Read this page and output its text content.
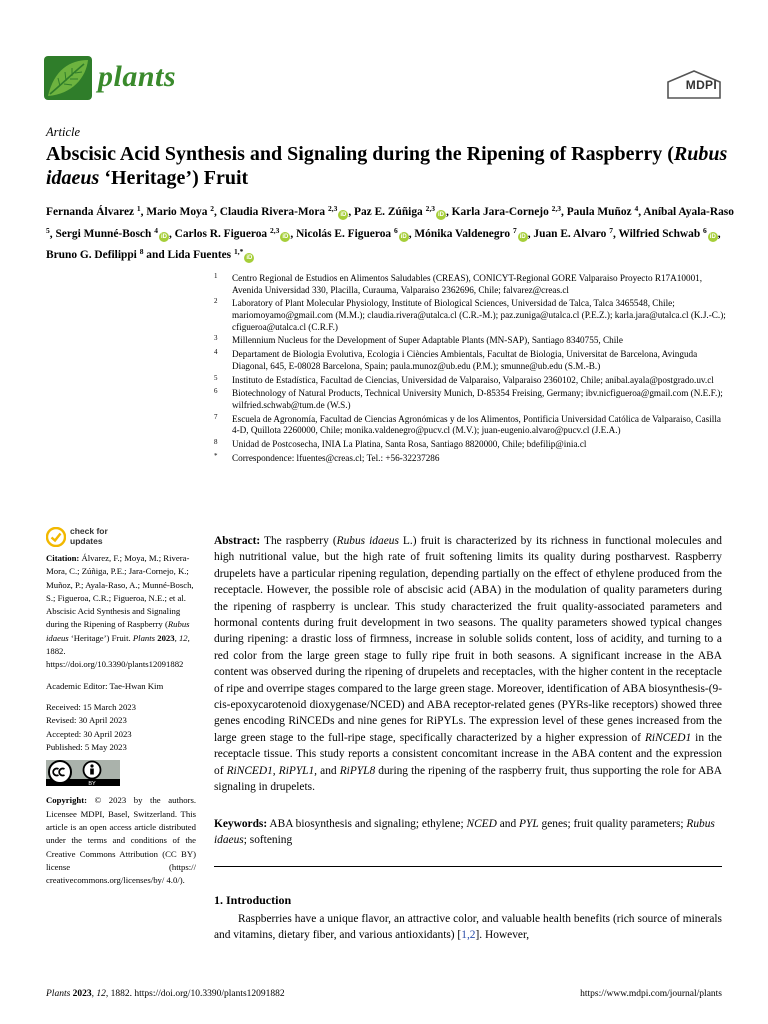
plants	MDPI
Article
Abscisic Acid Synthesis and Signaling during the Ripening of Raspberry (Rubus idaeus ‘Heritage’) Fruit
Fernanda Álvarez $^1$, Mario Moya $^2$, Claudia Rivera-Mora $^{2,3}$iD , Paz E. Zúñiga $^{2,3}$iD , Karla Jara-Cornejo $^{2,3}$, Paula Muñoz $^4$, Aníbal Ayala-Raso $^5$, Sergi Munné-Bosch $^4$iD , Carlos R. Figueroa $^{2,3}$iD , Nicolás E. Figueroa $^6$iD , Mónika Valdenegro $^7$iD , Juan E. Alvaro $^7$, Wilfried Schwab $^6$iD , Bruno G. Defilippi $^8$ and Lida Fuentes $^{1,*}$iD
1 Centro Regional de Estudios en Alimentos Saludables (CREAS), CONICYT-Regional GORE Valparaiso Proyecto R17A10001, Avenida Universidad 330, Placilla, Curauma, Valparaiso 2362696, Chile; falvarez@creas.cl
2 Laboratory of Plant Molecular Physiology, Institute of Biological Sciences, Universidad de Talca, Talca 3465548, Chile; mariomoyamo@gmail.com (M.M.); claudia.rivera@utalca.cl (C.R.-M.); paz.zuniga@utalca.cl (P.E.Z.); karla.jara@utalca.cl (K.J.-C.); cfigueroa@utalca.cl (C.R.F.)
3 Millennium Nucleus for the Development of Super Adaptable Plants (MN-SAP), Santiago 8340755, Chile
4 Departament de Biologia Evolutiva, Ecologia i Ciències Ambientals, Facultat de Biologia, Universitat de Barcelona, Avinguda Diagonal, 645, E-08028 Barcelona, Spain; paula.munoz@ub.edu (P.M.); smunne@ub.edu (S.M.-B.)
5 Instituto de Estadística, Facultad de Ciencias, Universidad de Valparaiso, Valparaiso 2360102, Chile; anibal.ayala@postgrado.uv.cl
6 Biotechnology of Natural Products, Technical University Munich, D-85354 Freising, Germany; ibv.nicfigueroa@gmail.com (N.E.F.); wilfried.schwab@tum.de (W.S.)
7 Escuela de Agronomía, Facultad de Ciencias Agronómicas y de los Alimentos, Pontificia Universidad Católica de Valparaiso, Casilla 4-D, Quillota 2260000, Chile; monika.valdenegro@pucv.cl (M.V.); juan-eugenio.alvaro@pucv.cl (J.E.A.)
8 Unidad de Postcosecha, INIA La Platina, Santa Rosa, Santiago 8820000, Chile; bdefilip@inia.cl
* Correspondence: lfuentes@creas.cl; Tel.: +56-32237286
check for
updates

Citation: Álvarez, F.; Moya, M.; Rivera-Mora, C.; Zúñiga, P.E.; Jara-Cornejo, K.; Muñoz, P.; Ayala-Raso, A.; Munné-Bosch, S.; Figueroa, C.R.; Figueroa, N.E.; et al. Abscisic Acid Synthesis and Signaling during the Ripening of Raspberry (Rubus idaeus ‘Heritage’) Fruit. Plants 2023, 12, 1882. https://doi.org/10.3390/plants12091882

Academic Editor: Tae-Hwan Kim

Received: 15 March 2023
Revised: 30 April 2023
Accepted: 30 April 2023
Published: 5 May 2023
BY

Copyright: © 2023 by the authors. Licensee MDPI, Basel, Switzerland. This article is an open access article distributed under the terms and conditions of the Creative Commons Attribution (CC BY) license (https:// creativecommons.org/licenses/by/ 4.0/).

Abstract: The raspberry (Rubus idaeus L.) fruit is characterized by its richness in functional molecules and high nutritional value, but the high rate of fruit softening limits its quality during postharvest. Raspberry drupelets have a particular ripening regulation, depending partially on the effect of ethylene produced from the receptacle. However, the possible role of abscisic acid (ABA) in the modulation of quality parameters during the ripening of raspberry is unclear. This study characterized the fruit quality-associated parameters and hormonal contents during fruit development in two seasons. The quality parameters showed typical changes during ripening: a drastic loss of firmness, increase in soluble solids content, loss of acidity, and turning to a red color from the large green stage to fully ripe fruit in both seasons. A significant increase in the ABA content was observed during the ripening of drupelets and receptacles, with the higher content in the receptacle of ripe and overripe stages compared to the large green stage. Moreover, identification of ABA biosynthesis-(9-cis-epoxycarotenoid dioxygenase/NCED) and ABA receptor-related genes (PYRs-like receptors) showed three genes encoding RiNCEDs and nine genes for RiPYLs. The expression level of these genes increased from the large green stage to the full-ripe stage, specifically characterized by a higher expression of RiNCED1 in the receptacle tissue. This study reports a consistent concomitant increase in the ABA content and the expression of RiNCED1, RiPYL1, and RiPYL8 during the ripening of the raspberry fruit, thus supporting the role for ABA signaling in drupelets.
Keywords: ABA biosynthesis and signaling; ethylene; NCED and PYL genes; fruit quality parameters; Rubus idaeus; softening
1. Introduction
Raspberries have a unique flavor, an attractive color, and valuable health benefits (rich source of minerals and vitamins, dietary fiber, and various antioxidants) [1,2]. However,
Plants 2023, 12, 1882. https://doi.org/10.3390/plants12091882	https://www.mdpi.com/journal/plants
